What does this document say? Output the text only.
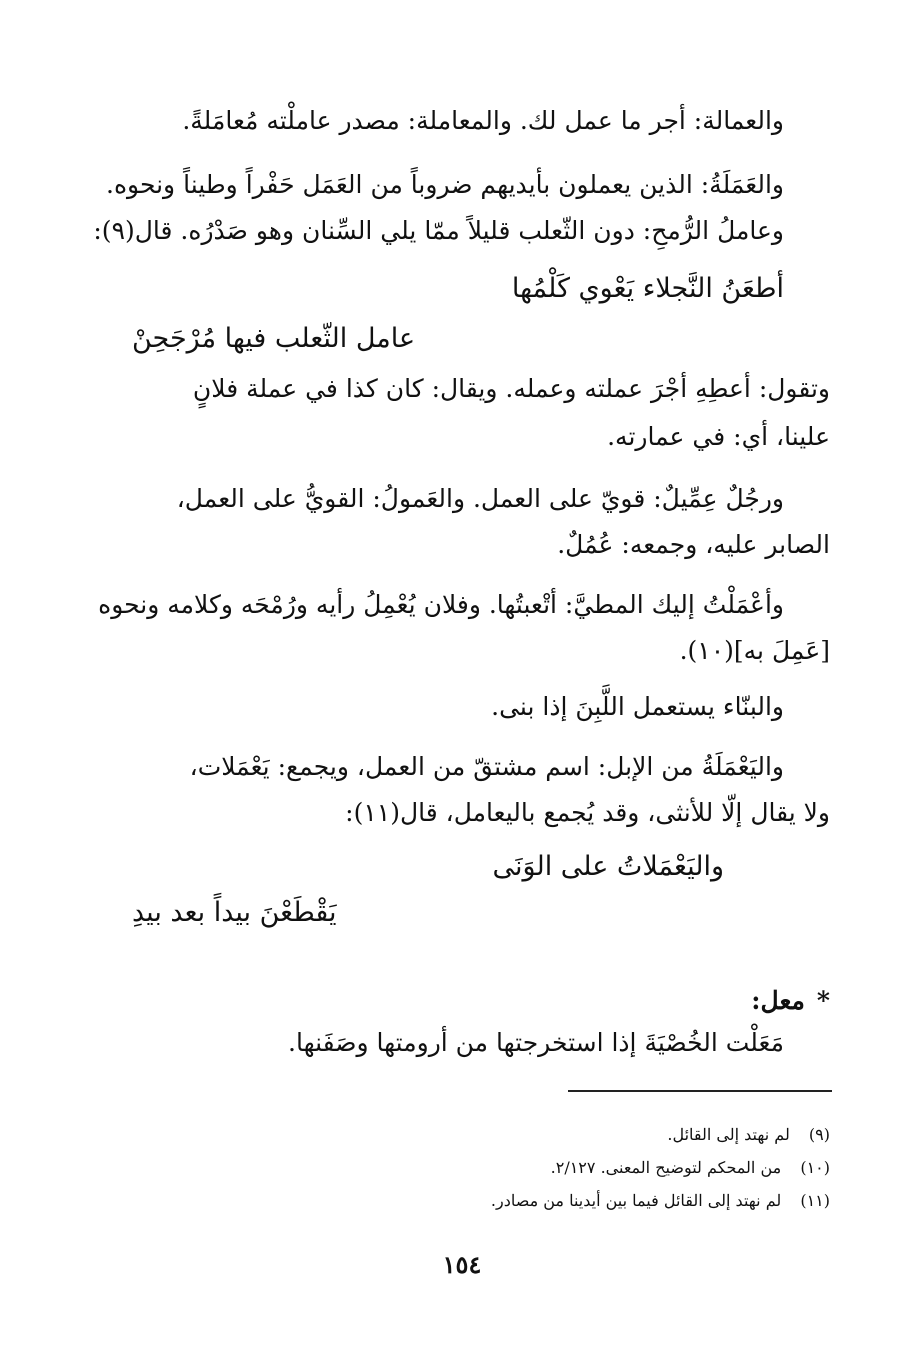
والعمالة: أجر ما عمل لك. والمعاملة: مصدر عاملْته مُعامَلةً.
والعَمَلَةُ: الذين يعملون بأيديهم ضروباً من العَمَل حَفْراً وطيناً ونحوه.
وعاملُ الرُّمحِ: دون الثّعلب قليلاً ممّا يلي السِّنان وهو صَدْرُه. قال(٩):
أطعَنُ النَّجلاء يَعْوي كَلْمُها
عامل الثّعلب فيها مُرْجَحِنْ
وتقول: أعطِهِ أجْرَ عملته وعمله. ويقال: كان كذا في عملة فلانٍ
علينا، أي: في عمارته.
ورجُلٌ عِمِّيلٌ: قويّ على العمل. والعَمولُ: القويُّ على العمل،
الصابر عليه، وجمعه: عُمُلٌ.
وأعْمَلْتُ إليك المطيَّ: أتْعبتُها. وفلان يُعْمِلُ رأيه ورُمْحَه وكلامه ونحوه
[عَمِلَ به](١٠).
والبنّاء يستعمل اللَّبِنَ إذا بنى.
واليَعْمَلَةُ من الإبل: اسم مشتقّ من العمل، ويجمع: يَعْمَلات،
ولا يقال إلّا للأنثى، وقد يُجمع باليعامل، قال(١١):
واليَعْمَلاتُ على الوَنَى
يَقْطَعْنَ بيداً بعد بيدِ
*معل:
مَعَلْت الخُصْيَةَ إذا استخرجتها من أرومتها وصَفَنها.
(٩) لم نهتد إلى القائل.
(١٠) من المحكم لتوضيح المعنى. ٢/١٢٧.
(١١) لم نهتد إلى القائل فيما بين أيدينا من مصادر.
١٥٤
